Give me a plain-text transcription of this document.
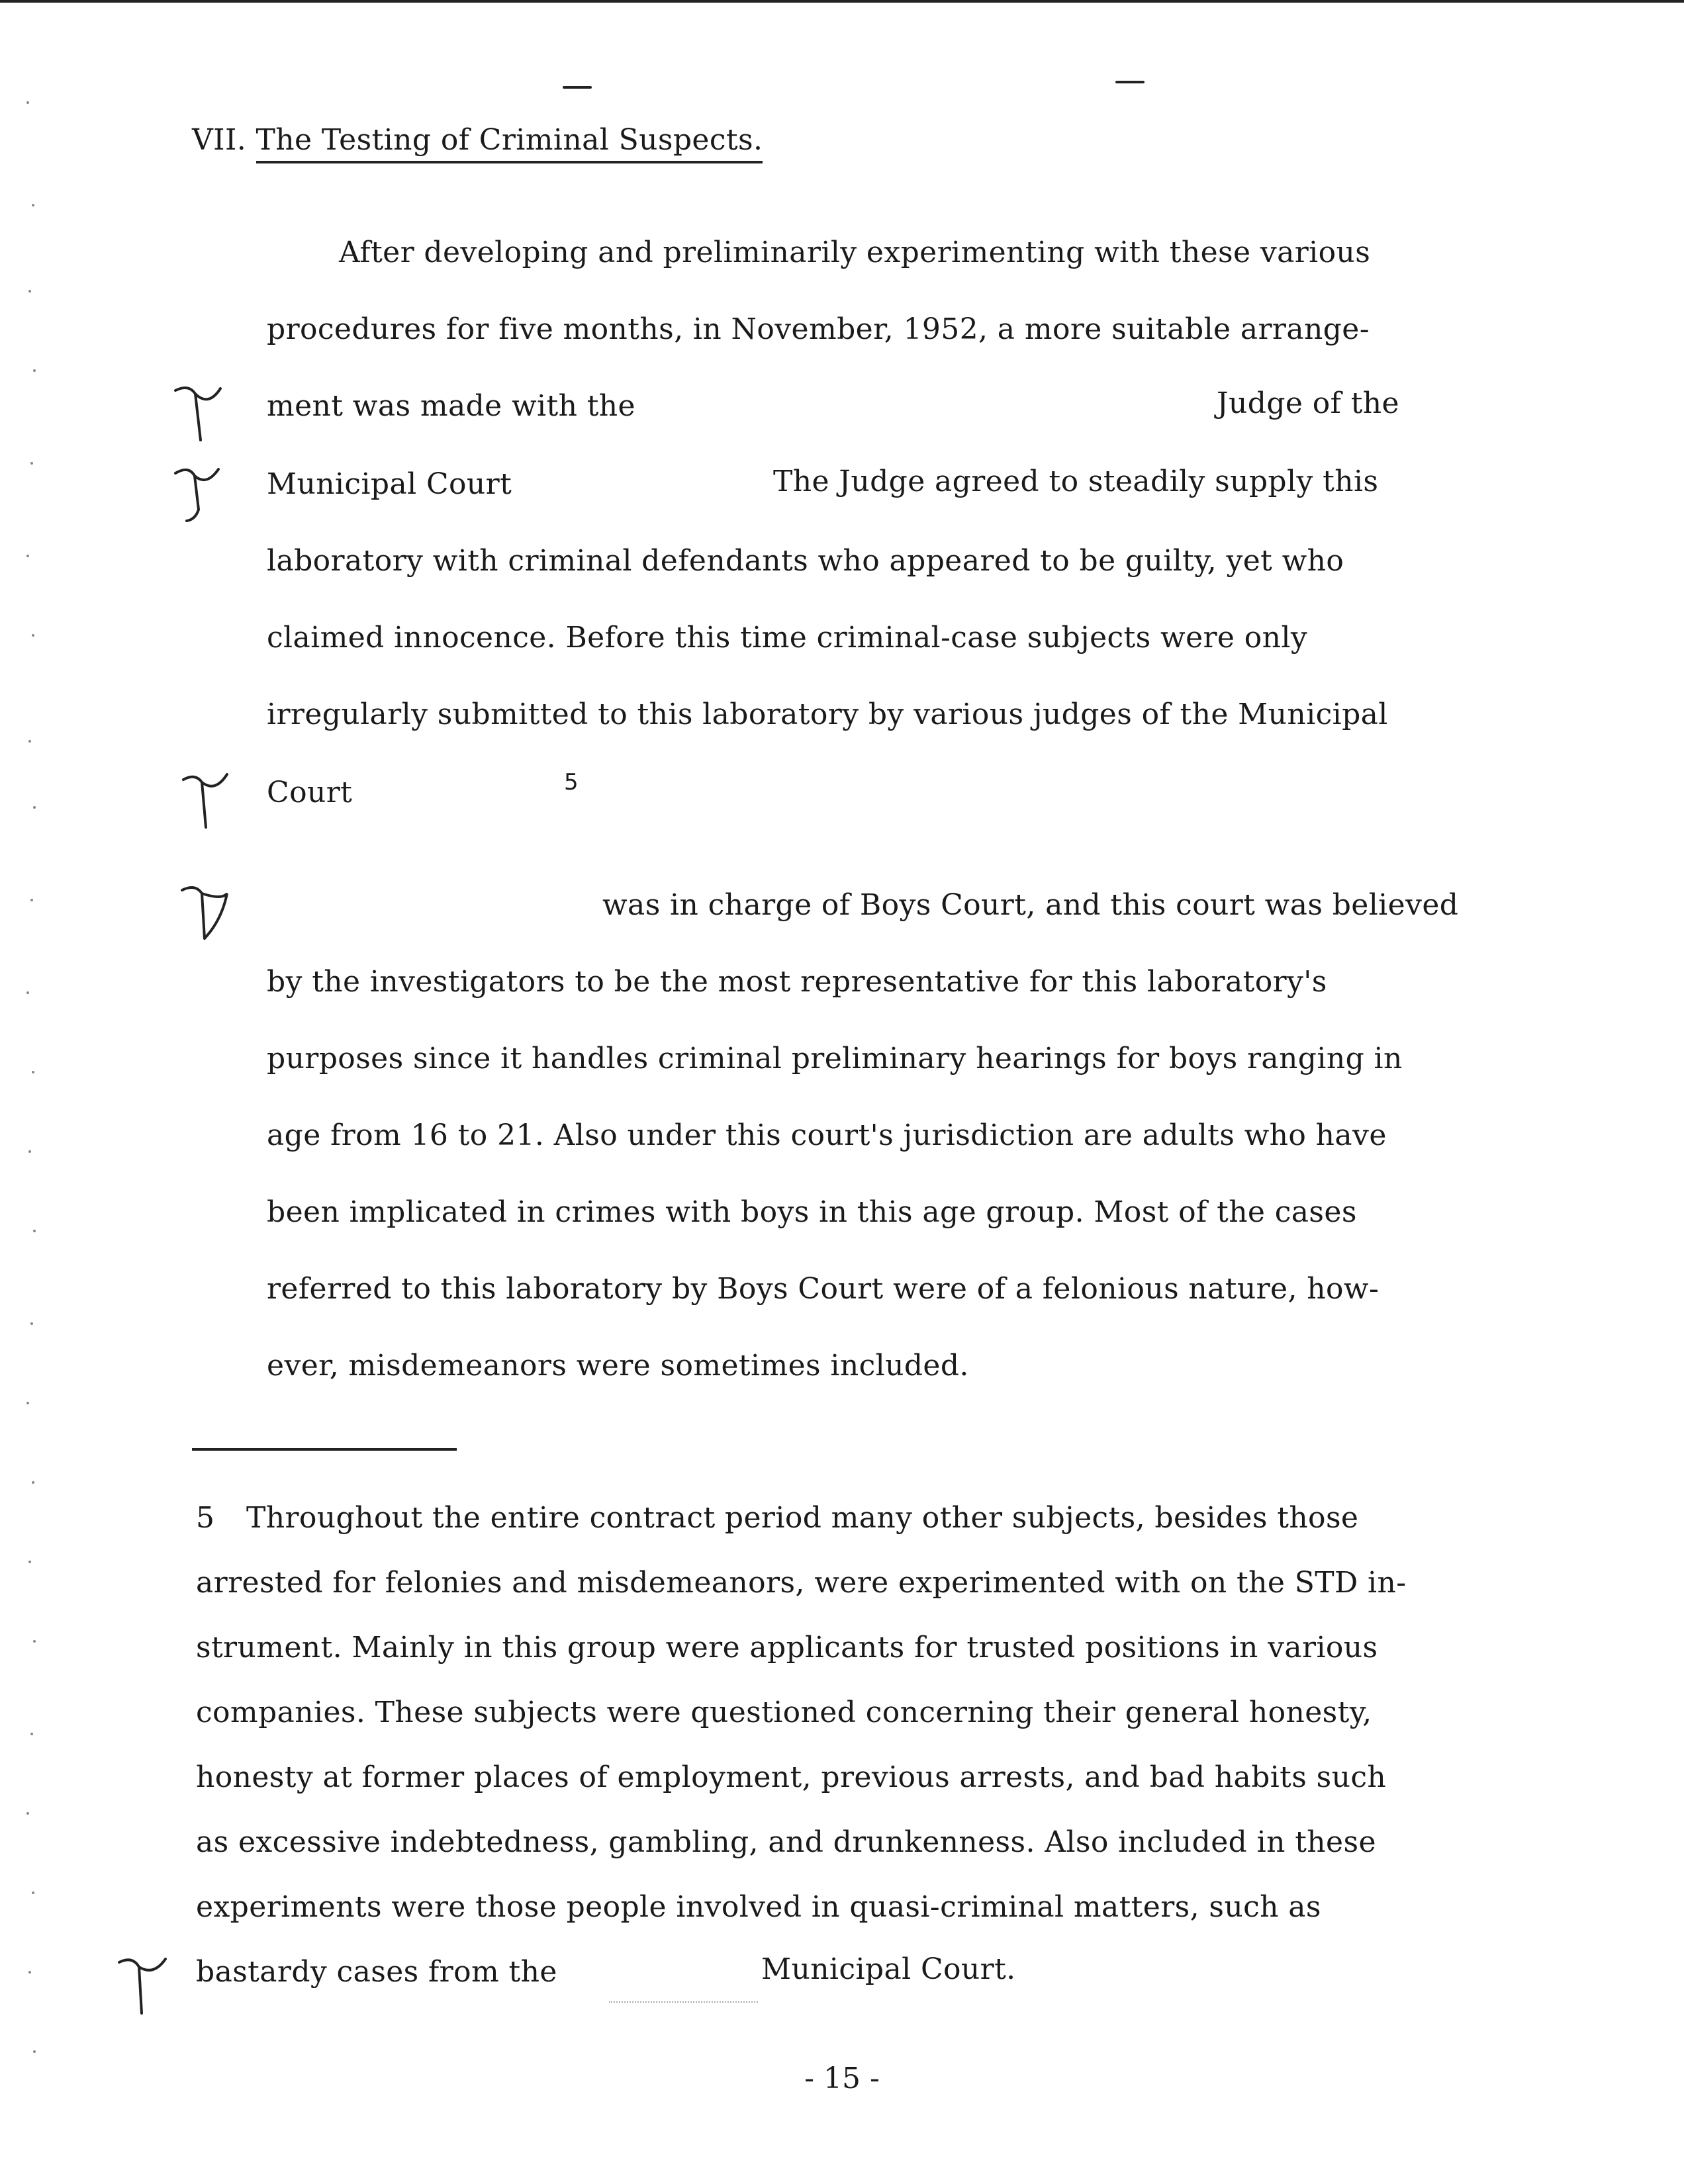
VII. The Testing of Criminal Suspects.
After developing and preliminarily experimenting with these various
procedures for five months, in November, 1952, a more suitable arrange-
ment was made with the	Judge of the
Municipal Court	The Judge agreed to steadily supply this
laboratory with criminal defendants who appeared to be guilty, yet who
claimed innocence. Before this time criminal-case subjects were only
irregularly submitted to this laboratory by various judges of the Municipal
Court	5
was in charge of Boys Court, and this court was believed
by the investigators to be the most representative for this laboratory's
purposes since it handles criminal preliminary hearings for boys ranging in
age from 16 to 21. Also under this court's jurisdiction are adults who have
been implicated in crimes with boys in this age group. Most of the cases
referred to this laboratory by Boys Court were of a felonious nature, how-
ever, misdemeanors were sometimes included.
5 Throughout the entire contract period many other subjects, besides those
arrested for felonies and misdemeanors, were experimented with on the STD in-
strument. Mainly in this group were applicants for trusted positions in various
companies. These subjects were questioned concerning their general honesty,
honesty at former places of employment, previous arrests, and bad habits such
as excessive indebtedness, gambling, and drunkenness. Also included in these
experiments were those people involved in quasi-criminal matters, such as
bastardy cases from the	Municipal Court.
- 15 -
